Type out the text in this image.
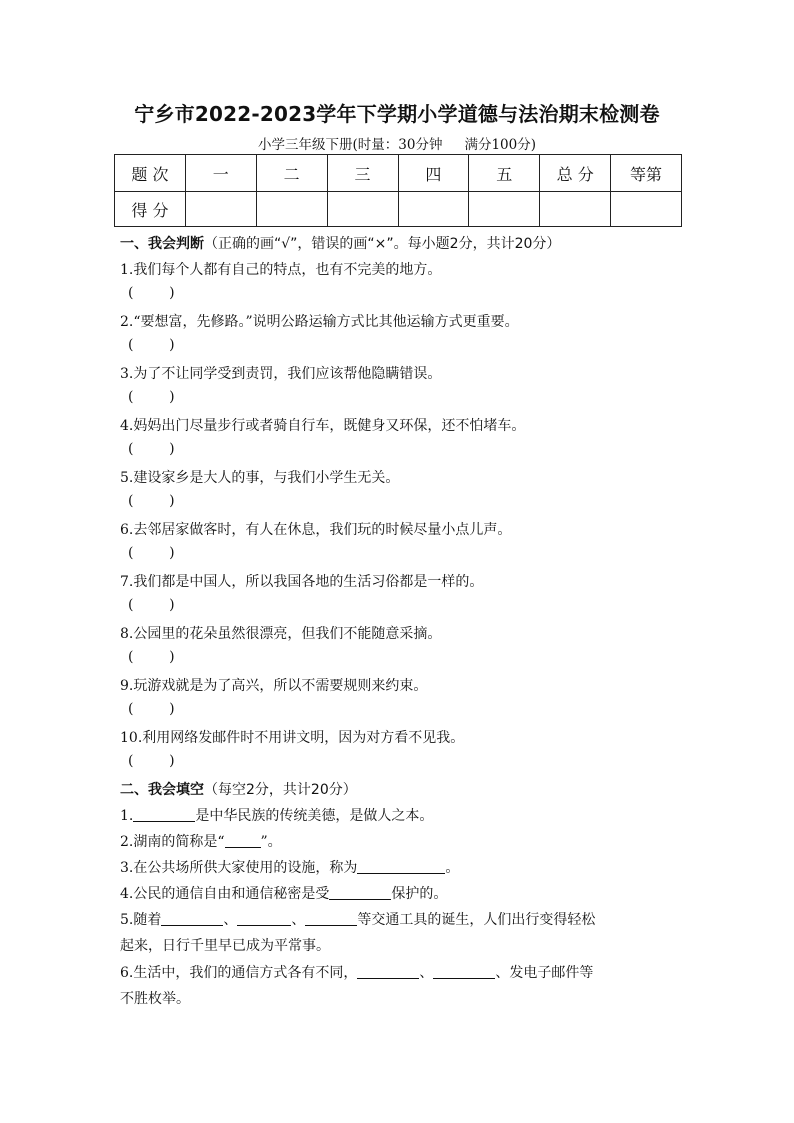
宁乡市2022-2023学年下学期小学道德与法治期末检测卷
小学三年级下册(时量：30分钟 满分100分)
题 次	一	二	三	四	五	总 分	等第
得 分							
一、我会判断（正确的画“√”，错误的画“×”。每小题2分，共计20分）
1.我们每个人都有自己的特点，也有不完美的地方。
(        )
2.“要想富，先修路。”说明公路运输方式比其他运输方式更重要。
(        )
3.为了不让同学受到责罚，我们应该帮他隐瞒错误。
(        )
4.妈妈出门尽量步行或者骑自行车，既健身又环保，还不怕堵车。
(        )
5.建设家乡是大人的事，与我们小学生无关。
(        )
6.去邻居家做客时，有人在休息，我们玩的时候尽量小点儿声。
(        )
7.我们都是中国人，所以我国各地的生活习俗都是一样的。
(        )
8.公园里的花朵虽然很漂亮，但我们不能随意采摘。
(        )
9.玩游戏就是为了高兴，所以不需要规则来约束。
(        )
10.利用网络发邮件时不用讲文明，因为对方看不见我。
(        )
二、我会填空（每空2分，共计20分）
1.	是中华民族的传统美德，是做人之本。
2.湖南的简称是“	”。
3.在公共场所供大家使用的设施，称为	。
4.公民的通信自由和通信秘密是受	保护的。
5.随着	、	、	等交通工具的诞生，人们出行变得轻松
起来，日行千里早已成为平常事。
6.生活中，我们的通信方式各有不同，	、	、发电子邮件等
不胜枚举。
